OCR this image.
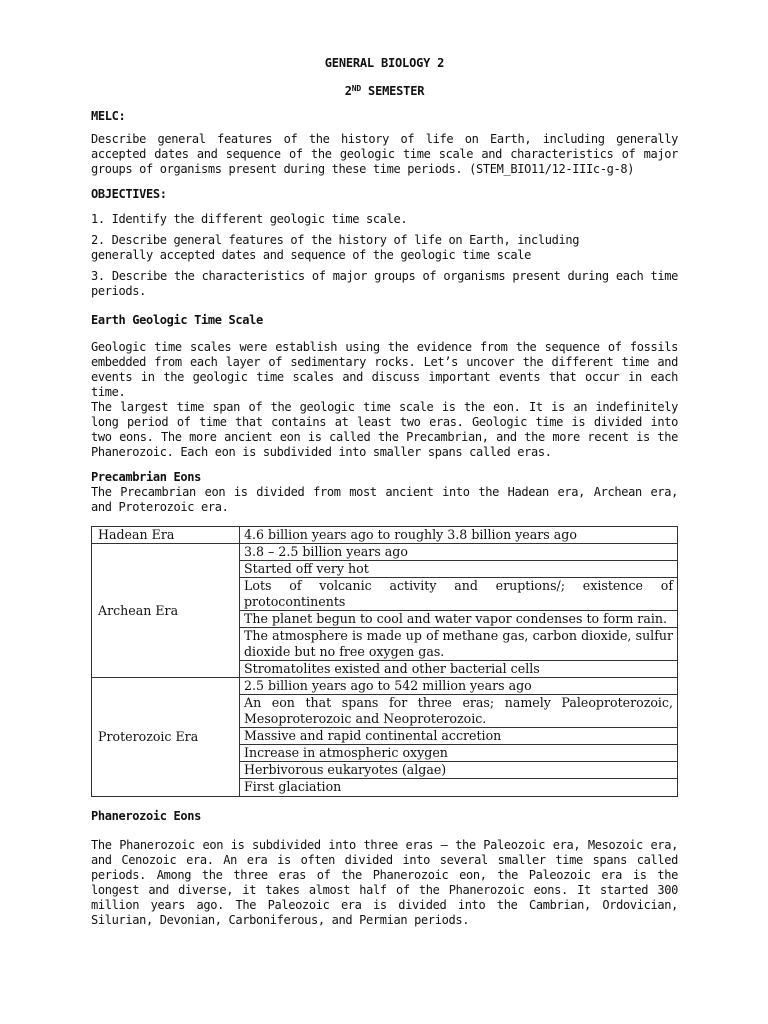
GENERAL BIOLOGY 2
2ND SEMESTER

MELC:

Describe general features of the history of life on Earth, including generally accepted dates and sequence of the geologic time scale and characteristics of major groups of organisms present during these time periods. (STEM_BIO11/12-IIIc-g-8)

OBJECTIVES:

1. Identify the different geologic time scale.

2. Describe general features of the history of life on Earth, including generally accepted dates and sequence of the geologic time scale

3. Describe the characteristics of major groups of organisms present during each time periods.

Earth Geologic Time Scale

Geologic time scales were establish using the evidence from the sequence of fossils embedded from each layer of sedimentary rocks. Let’s uncover the different time and events in the geologic time scales and discuss important events that occur in each time.

The largest time span of the geologic time scale is the eon. It is an indefinitely long period of time that contains at least two eras. Geologic time is divided into two eons. The more ancient eon is called the Precambrian, and the more recent is the Phanerozoic. Each eon is subdivided into smaller spans called eras.

Precambrian Eons

The Precambrian eon is divided from most ancient into the Hadean era, Archean era, and Proterozoic era.

Hadean Era	4.6 billion years ago to roughly 3.8 billion years ago
Archean Era	3.8 – 2.5 billion years ago
	Started off very hot
	Lots of volcanic activity and eruptions/; existence of protocontinents
	The planet begun to cool and water vapor condenses to form rain.
	The atmosphere is made up of methane gas, carbon dioxide, sulfur dioxide but no free oxygen gas.
	Stromatolites existed and other bacterial cells
Proterozoic Era	2.5 billion years ago to 542 million years ago
	An eon that spans for three eras; namely Paleoproterozoic, Mesoproterozoic and Neoproterozoic.
	Massive and rapid continental accretion
	Increase in atmospheric oxygen
	Herbivorous eukaryotes (algae)
	First glaciation

Phanerozoic Eons

The Phanerozoic eon is subdivided into three eras – the Paleozoic era, Mesozoic era, and Cenozoic era. An era is often divided into several smaller time spans called periods. Among the three eras of the Phanerozoic eon, the Paleozoic era is the longest and diverse, it takes almost half of the Phanerozoic eons. It started 300 million years ago. The Paleozoic era is divided into the Cambrian, Ordovician, Silurian, Devonian, Carboniferous, and Permian periods.
